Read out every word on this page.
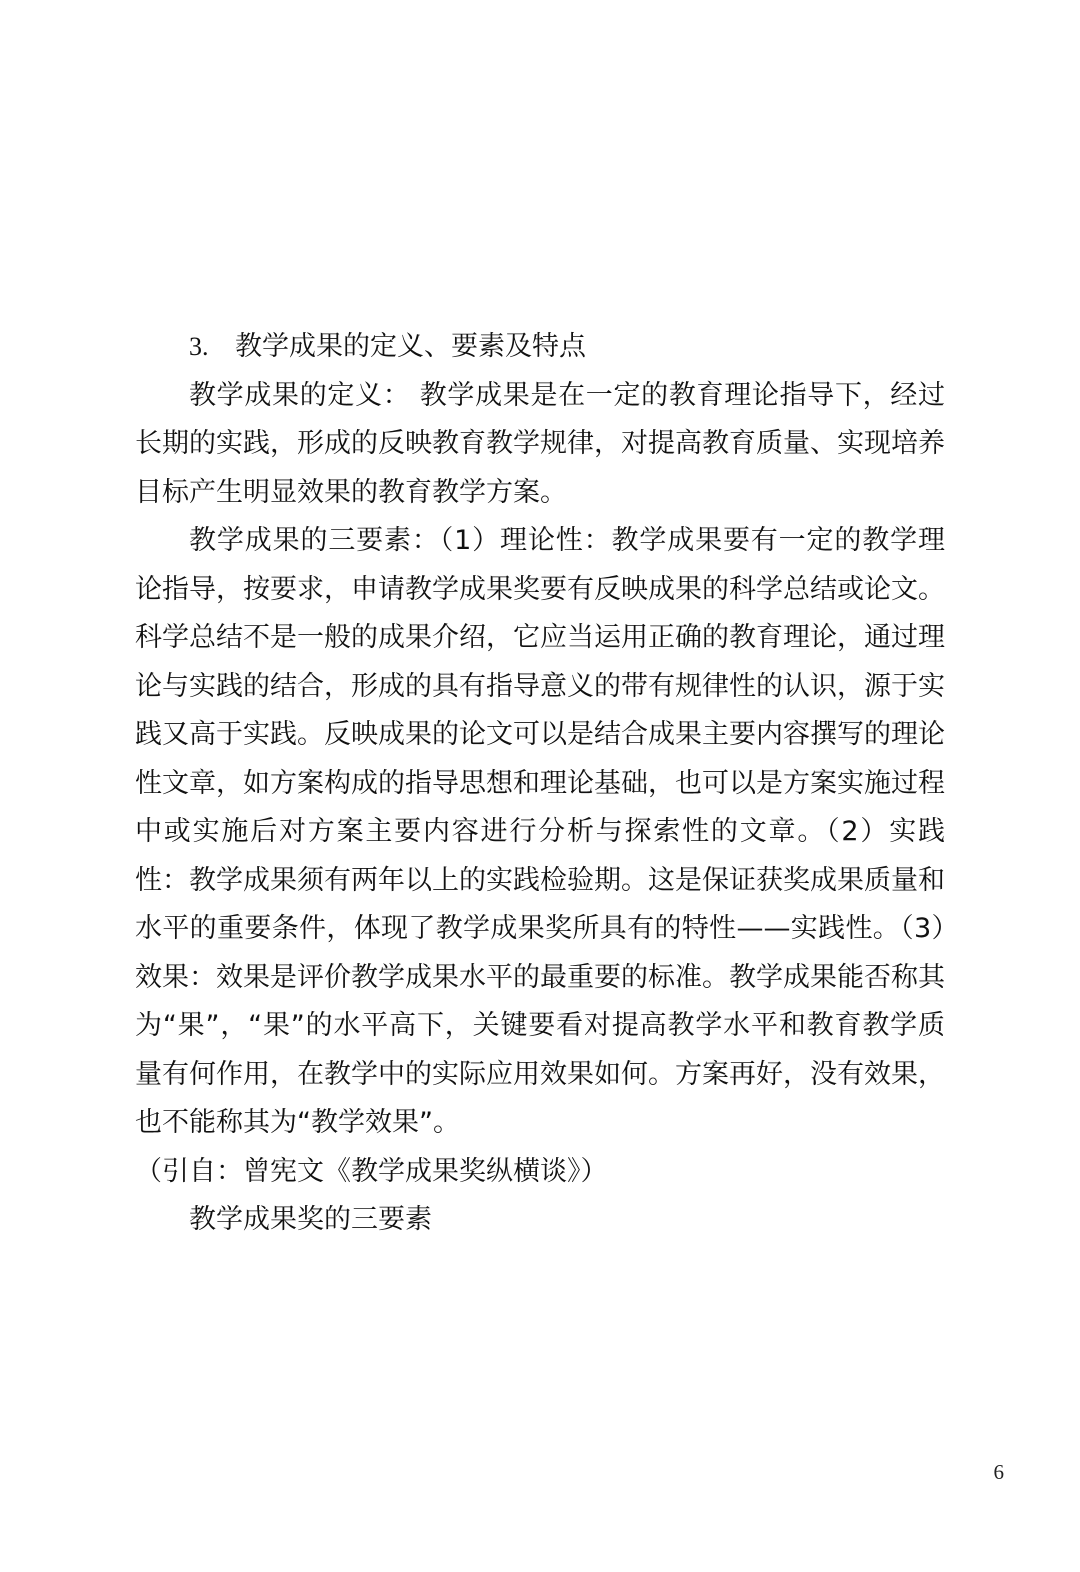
3. 教学成果的定义、要素及特点

教学成果的定义： 教学成果是在一定的教育理论指导下，经过长期的实践，形成的反映教育教学规律，对提高教育质量、实现培养目标产生明显效果的教育教学方案。

教学成果的三要素：（1）理论性：教学成果要有一定的教学理论指导，按要求，申请教学成果奖要有反映成果的科学总结或论文。科学总结不是一般的成果介绍，它应当运用正确的教育理论，通过理论与实践的结合，形成的具有指导意义的带有规律性的认识，源于实践又高于实践。反映成果的论文可以是结合成果主要内容撰写的理论性文章，如方案构成的指导思想和理论基础，也可以是方案实施过程中或实施后对方案主要内容进行分析与探索性的文章。（2）实践性：教学成果须有两年以上的实践检验期。这是保证获奖成果质量和水平的重要条件，体现了教学成果奖所具有的特性——实践性。（3）效果：效果是评价教学成果水平的最重要的标准。教学成果能否称其为“果”，“果”的水平高下，关键要看对提高教学水平和教育教学质量有何作用，在教学中的实际应用效果如何。方案再好，没有效果，也不能称其为“教学效果”。

（引自：曾宪文《教学成果奖纵横谈》）

教学成果奖的三要素

6
